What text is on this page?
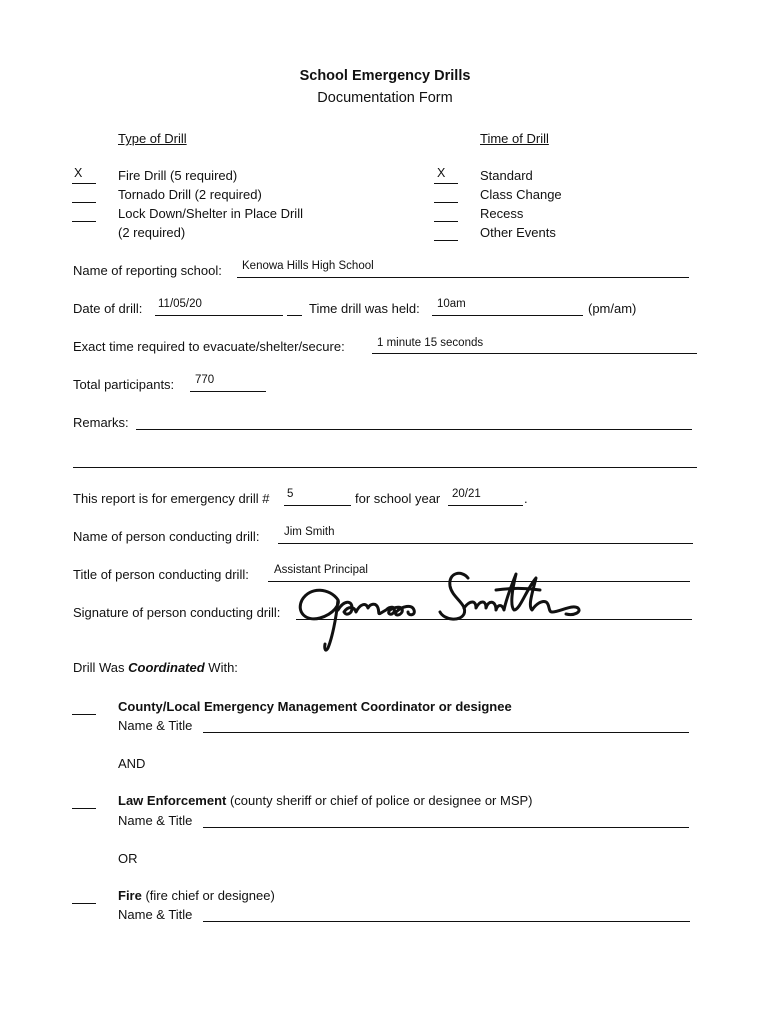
School Emergency Drills
Documentation Form
Type of Drill
X	Fire Drill (5 required)
Tornado Drill (2 required)
Lock Down/Shelter in Place Drill
(2 required)
Time of Drill
X	Standard
Class Change
Recess
Other Events
Name of reporting school: Kenowa Hills High School
Date of drill: 11/05/20	Time drill was held: 10am	(pm/am)
Exact time required to evacuate/shelter/secure:	1 minute 15 seconds
Total participants: 770
Remarks:
This report is for emergency drill # 5	for school year 20/21	.
Name of person conducting drill: Jim Smith
Title of person conducting drill: Assistant Principal
Signature of person conducting drill:
Drill Was Coordinated With:
County/Local Emergency Management Coordinator or designee
Name & Title
AND
Law Enforcement (county sheriff or chief of police or designee or MSP)
Name & Title
OR
Fire (fire chief or designee)
Name & Title
